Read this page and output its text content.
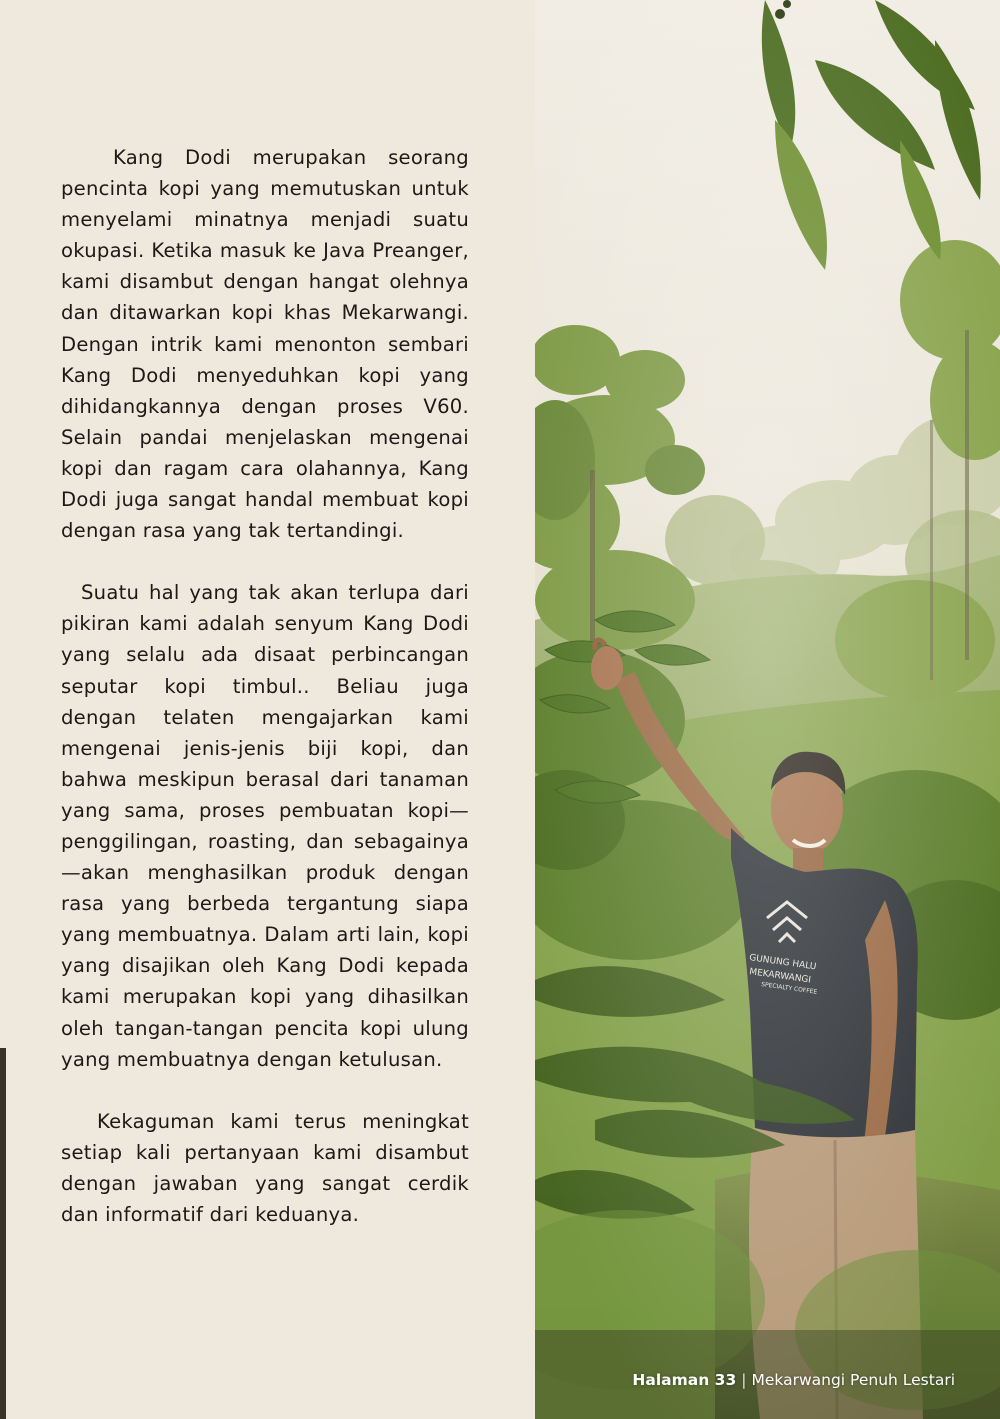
Kang Dodi merupakan seorang pencinta kopi yang memutuskan untuk menyelami minatnya menjadi suatu okupasi. Ketika masuk ke Java Preanger, kami disambut dengan hangat olehnya dan ditawarkan kopi khas Mekarwangi. Dengan intrik kami menonton sembari Kang Dodi menyeduhkan kopi yang dihidangkannya dengan proses V60. Selain pandai menjelaskan mengenai kopi dan ragam cara olahannya, Kang Dodi juga sangat handal membuat kopi dengan rasa yang tak tertandingi.

Suatu hal yang tak akan terlupa dari pikiran kami adalah senyum Kang Dodi yang selalu ada disaat perbincangan seputar kopi timbul.. Beliau juga dengan telaten mengajarkan kami mengenai jenis-jenis biji kopi, dan bahwa meskipun berasal dari tanaman yang sama, proses pembuatan kopi—penggilingan, roasting, dan sebagainya—akan menghasilkan produk dengan rasa yang berbeda tergantung siapa yang membuatnya. Dalam arti lain, kopi yang disajikan oleh Kang Dodi kepada kami merupakan kopi yang dihasilkan oleh tangan-tangan pencita kopi ulung yang membuatnya dengan ketulusan.

Kekaguman kami terus meningkat setiap kali pertanyaan kami disambut dengan jawaban yang sangat cerdik dan informatif dari keduanya.

Halaman 33 | Mekarwangi Penuh Lestari
